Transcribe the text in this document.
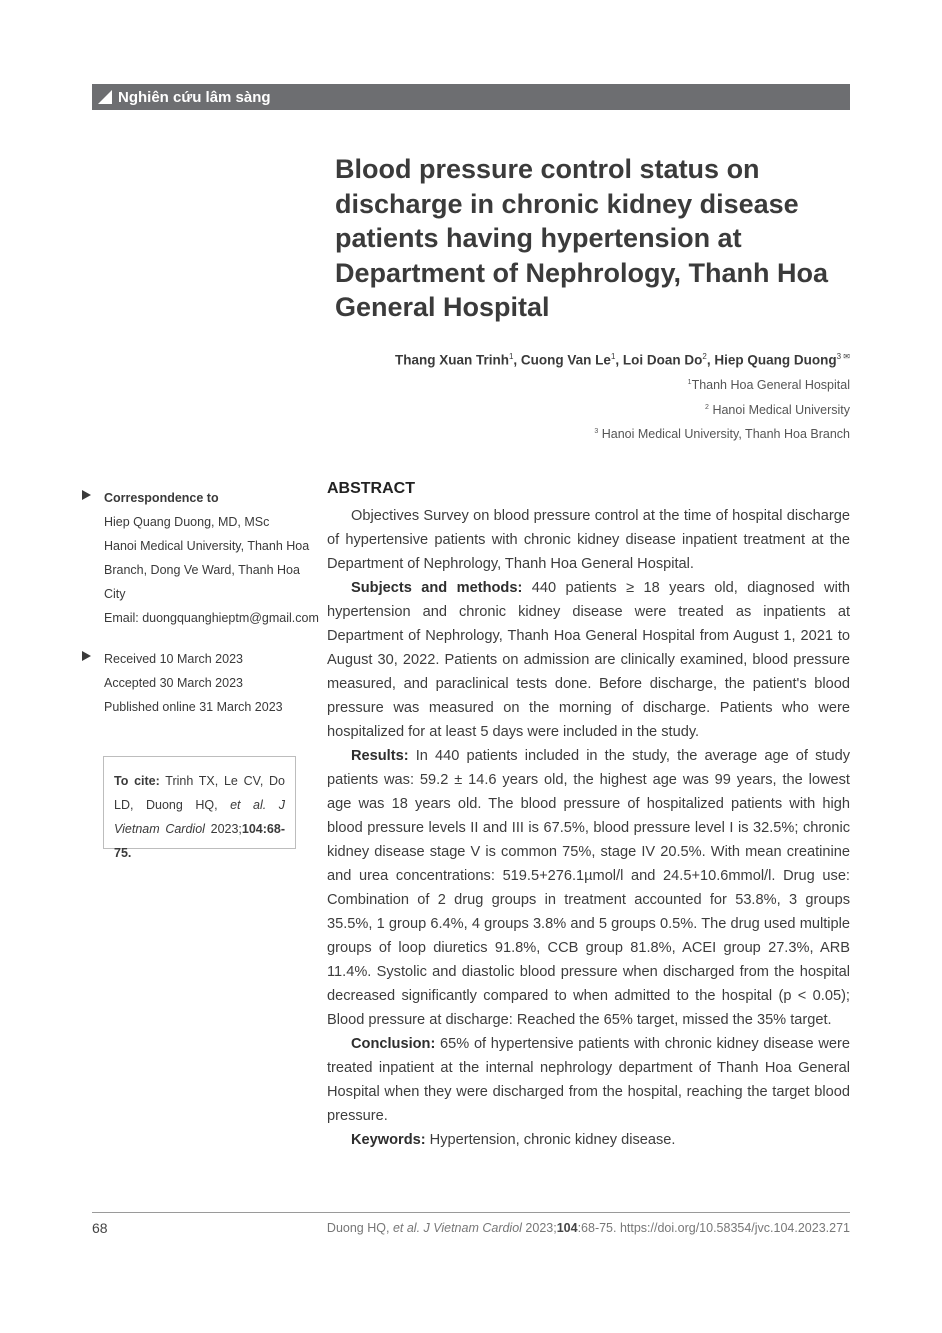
Nghiên cứu lâm sàng
Blood pressure control status on discharge in chronic kidney disease patients having hypertension at Department of Nephrology, Thanh Hoa General Hospital
Thang Xuan Trinh$^1$, Cuong Van Le$^1$, Loi Doan Do$^2$, Hiep Quang Duong$^{3 ✉}$
$^1$Thanh Hoa General Hospital
$^2$ Hanoi Medical University
$^3$ Hanoi Medical University, Thanh Hoa Branch
Correspondence to
Hiep Quang Duong, MD, MSc
Hanoi Medical University, Thanh Hoa
Branch, Dong Ve Ward, Thanh Hoa City
Email: duongquanghieptm@gmail.com
Received 10 March 2023
Accepted 30 March 2023
Published online 31 March 2023
To cite: Trinh TX, Le CV, Do LD, Duong HQ, et al. J Vietnam Cardiol 2023;104:68-75.
ABSTRACT

Objectives Survey on blood pressure control at the time of hospital discharge of hypertensive patients with chronic kidney disease inpatient treatment at the Department of Nephrology, Thanh Hoa General Hospital.

Subjects and methods: 440 patients ≥ 18 years old, diagnosed with hypertension and chronic kidney disease were treated as inpatients at Department of Nephrology, Thanh Hoa General Hospital from August 1, 2021 to August 30, 2022. Patients on admission are clinically examined, blood pressure measured, and paraclinical tests done. Before discharge, the patient's blood pressure was measured on the morning of discharge. Patients who were hospitalized for at least 5 days were included in the study.

Results: In 440 patients included in the study, the average age of study patients was: 59.2 ± 14.6 years old, the highest age was 99 years, the lowest age was 18 years old. The blood pressure of hospitalized patients with high blood pressure levels II and III is 67.5%, blood pressure level I is 32.5%; chronic kidney disease stage V is common 75%, stage IV 20.5%. With mean creatinine and urea concentrations: 519.5+276.1µmol/l and 24.5+10.6mmol/l. Drug use: Combination of 2 drug groups in treatment accounted for 53.8%, 3 groups 35.5%, 1 group 6.4%, 4 groups 3.8% and 5 groups 0.5%. The drug used multiple groups of loop diuretics 91.8%, CCB group 81.8%, ACEI group 27.3%, ARB 11.4%. Systolic and diastolic blood pressure when discharged from the hospital decreased significantly compared to when admitted to the hospital (p < 0.05); Blood pressure at discharge: Reached the 65% target, missed the 35% target.

Conclusion: 65% of hypertensive patients with chronic kidney disease were treated inpatient at the internal nephrology department of Thanh Hoa General Hospital when they were discharged from the hospital, reaching the target blood pressure.

Keywords: Hypertension, chronic kidney disease.

68	Duong HQ, et al. J Vietnam Cardiol 2023;104:68-75. https://doi.org/10.58354/jvc.104.2023.271
